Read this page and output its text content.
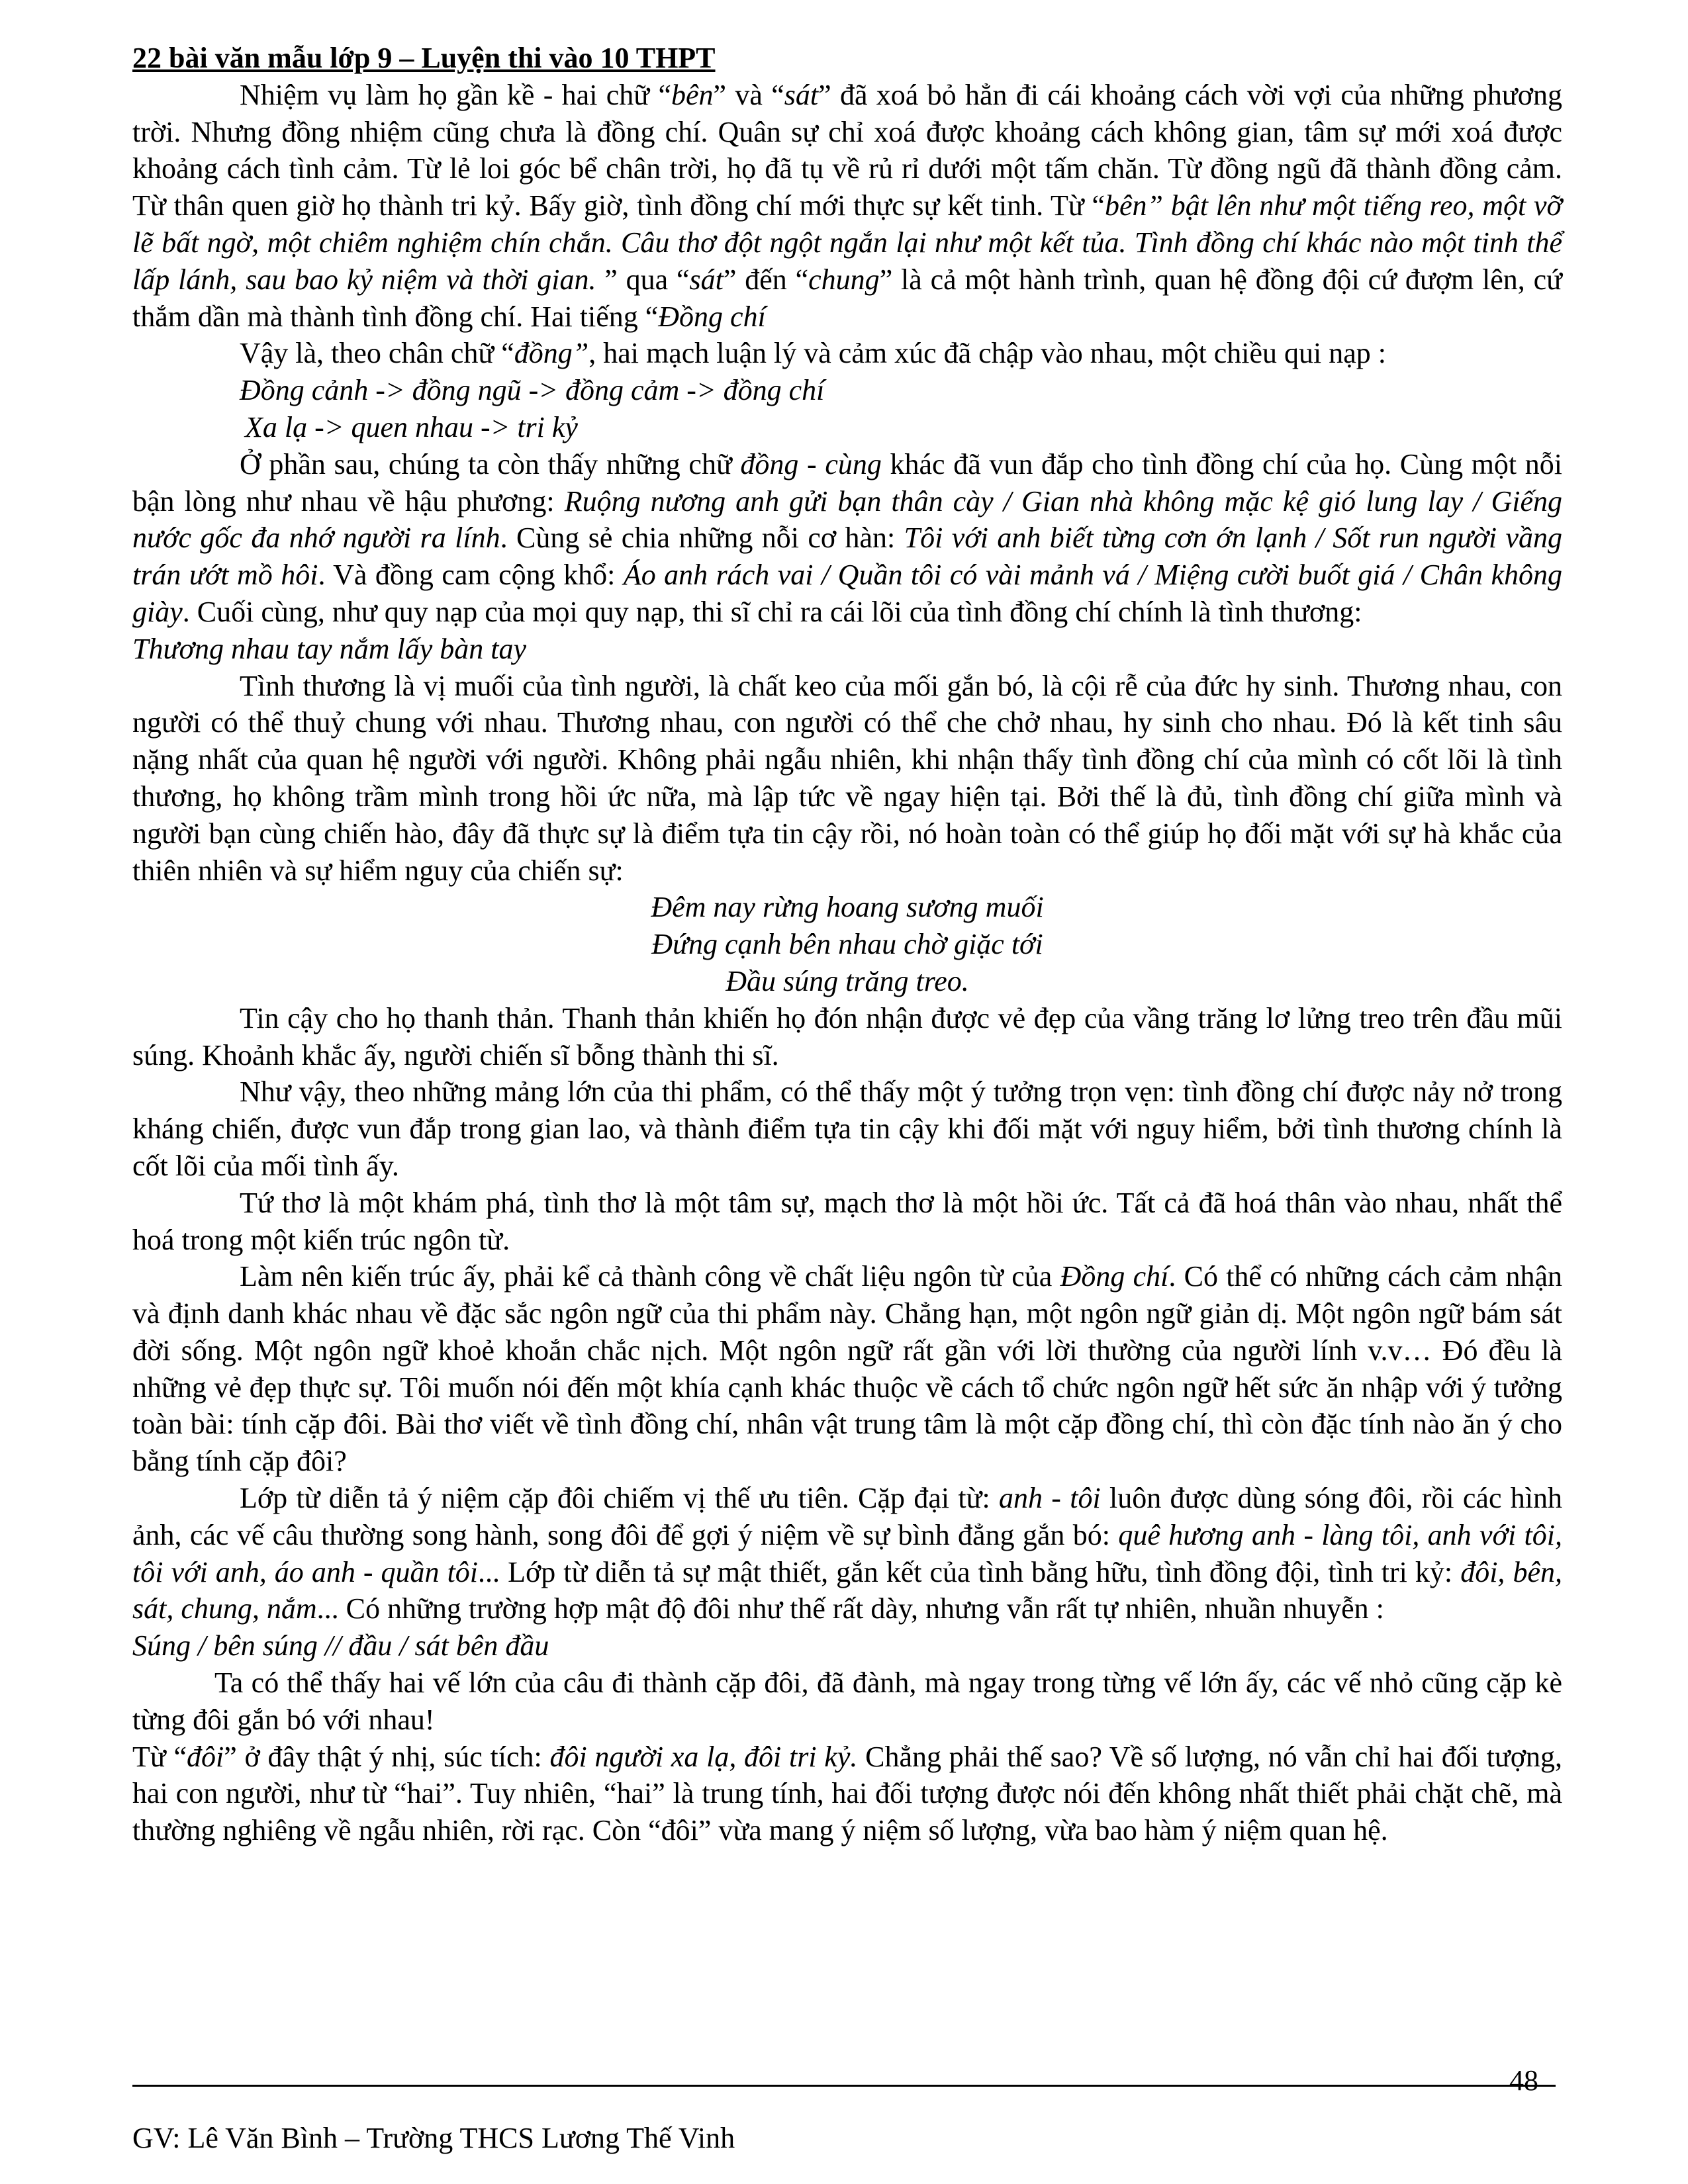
22 bài văn mẫu lớp 9 – Luyện thi vào 10 THPT

Nhiệm vụ làm họ gần kề - hai chữ “bên” và “sát” đã xoá bỏ hẳn đi cái khoảng cách vời vợi của những phương trời. Nhưng đồng nhiệm cũng chưa là đồng chí. Quân sự chỉ xoá được khoảng cách không gian, tâm sự mới xoá được khoảng cách tình cảm. Từ lẻ loi góc bể chân trời, họ đã tụ về rủ rỉ dưới một tấm chăn. Từ đồng ngũ đã thành đồng cảm. Từ thân quen giờ họ thành tri kỷ. Bấy giờ, tình đồng chí mới thực sự kết tinh. Từ “bên” bật lên như một tiếng reo, một vỡ lẽ bất ngờ, một chiêm nghiệm chín chắn. Câu thơ đột ngột ngắn lại như một kết tủa. Tình đồng chí khác nào một tinh thể lấp lánh, sau bao kỷ niệm và thời gian. ” qua “sát” đến “chung” là cả một hành trình, quan hệ đồng đội cứ đượm lên, cứ thắm dần mà thành tình đồng chí. Hai tiếng “Đồng chí

Vậy là, theo chân chữ “đồng”, hai mạch luận lý và cảm xúc đã chập vào nhau, một chiều qui nạp :

Đồng cảnh -> đồng ngũ -> đồng cảm -> đồng chí

Xa lạ -> quen nhau -> tri kỷ

Ở phần sau, chúng ta còn thấy những chữ đồng - cùng khác đã vun đắp cho tình đồng chí của họ. Cùng một nỗi bận lòng như nhau về hậu phương: Ruộng nương anh gửi bạn thân cày / Gian nhà không mặc kệ gió lung lay / Giếng nước gốc đa nhớ người ra lính. Cùng sẻ chia những nỗi cơ hàn: Tôi với anh biết từng cơn ớn lạnh / Sốt run người vầng trán ướt mồ hôi. Và đồng cam cộng khổ: Áo anh rách vai / Quần tôi có vài mảnh vá / Miệng cười buốt giá / Chân không giày. Cuối cùng, như quy nạp của mọi quy nạp, thi sĩ chỉ ra cái lõi của tình đồng chí chính là tình thương:

Thương nhau tay nắm lấy bàn tay

Tình thương là vị muối của tình người, là chất keo của mối gắn bó, là cội rễ của đức hy sinh. Thương nhau, con người có thể thuỷ chung với nhau. Thương nhau, con người có thể che chở nhau, hy sinh cho nhau. Đó là kết tinh sâu nặng nhất của quan hệ người với người. Không phải ngẫu nhiên, khi nhận thấy tình đồng chí của mình có cốt lõi là tình thương, họ không trầm mình trong hồi ức nữa, mà lập tức về ngay hiện tại. Bởi thế là đủ, tình đồng chí giữa mình và người bạn cùng chiến hào, đây đã thực sự là điểm tựa tin cậy rồi, nó hoàn toàn có thể giúp họ đối mặt với sự hà khắc của thiên nhiên và sự hiểm nguy của chiến sự:

Đêm nay rừng hoang sương muối

Đứng cạnh bên nhau chờ giặc tới

Đầu súng trăng treo.

Tin cậy cho họ thanh thản. Thanh thản khiến họ đón nhận được vẻ đẹp của vầng trăng lơ lửng treo trên đầu mũi súng. Khoảnh khắc ấy, người chiến sĩ bỗng thành thi sĩ.

Như vậy, theo những mảng lớn của thi phẩm, có thể thấy một ý tưởng trọn vẹn: tình đồng chí được nảy nở trong kháng chiến, được vun đắp trong gian lao, và thành điểm tựa tin cậy khi đối mặt với nguy hiểm, bởi tình thương chính là cốt lõi của mối tình ấy.

Tứ thơ là một khám phá, tình thơ là một tâm sự, mạch thơ là một hồi ức. Tất cả đã hoá thân vào nhau, nhất thể hoá trong một kiến trúc ngôn từ.

Làm nên kiến trúc ấy, phải kể cả thành công về chất liệu ngôn từ của Đồng chí. Có thể có những cách cảm nhận và định danh khác nhau về đặc sắc ngôn ngữ của thi phẩm này. Chẳng hạn, một ngôn ngữ giản dị. Một ngôn ngữ bám sát đời sống. Một ngôn ngữ khoẻ khoắn chắc nịch. Một ngôn ngữ rất gần với lời thường của người lính v.v… Đó đều là những vẻ đẹp thực sự. Tôi muốn nói đến một khía cạnh khác thuộc về cách tổ chức ngôn ngữ hết sức ăn nhập với ý tưởng toàn bài: tính cặp đôi. Bài thơ viết về tình đồng chí, nhân vật trung tâm là một cặp đồng chí, thì còn đặc tính nào ăn ý cho bằng tính cặp đôi?

Lớp từ diễn tả ý niệm cặp đôi chiếm vị thế ưu tiên. Cặp đại từ: anh - tôi luôn được dùng sóng đôi, rồi các hình ảnh, các vế câu thường song hành, song đôi để gợi ý niệm về sự bình đẳng gắn bó: quê hương anh - làng tôi, anh với tôi, tôi với anh, áo anh - quần tôi... Lớp từ diễn tả sự mật thiết, gắn kết của tình bằng hữu, tình đồng đội, tình tri kỷ: đôi, bên, sát, chung, nắm... Có những trường hợp mật độ đôi như thế rất dày, nhưng vẫn rất tự nhiên, nhuần nhuyễn :

Súng / bên súng // đầu / sát bên đầu

Ta có thể thấy hai vế lớn của câu đi thành cặp đôi, đã đành, mà ngay trong từng vế lớn ấy, các vế nhỏ cũng cặp kè từng đôi gắn bó với nhau!

Từ “đôi” ở đây thật ý nhị, súc tích: đôi người xa lạ, đôi tri kỷ. Chẳng phải thế sao? Về số lượng, nó vẫn chỉ hai đối tượng, hai con người, như từ “hai”. Tuy nhiên, “hai” là trung tính, hai đối tượng được nói đến không nhất thiết phải chặt chẽ, mà thường nghiêng về ngẫu nhiên, rời rạc. Còn “đôi” vừa mang ý niệm số lượng, vừa bao hàm ý niệm quan hệ.

48
GV: Lê Văn Bình – Trường THCS Lương Thế Vinh
